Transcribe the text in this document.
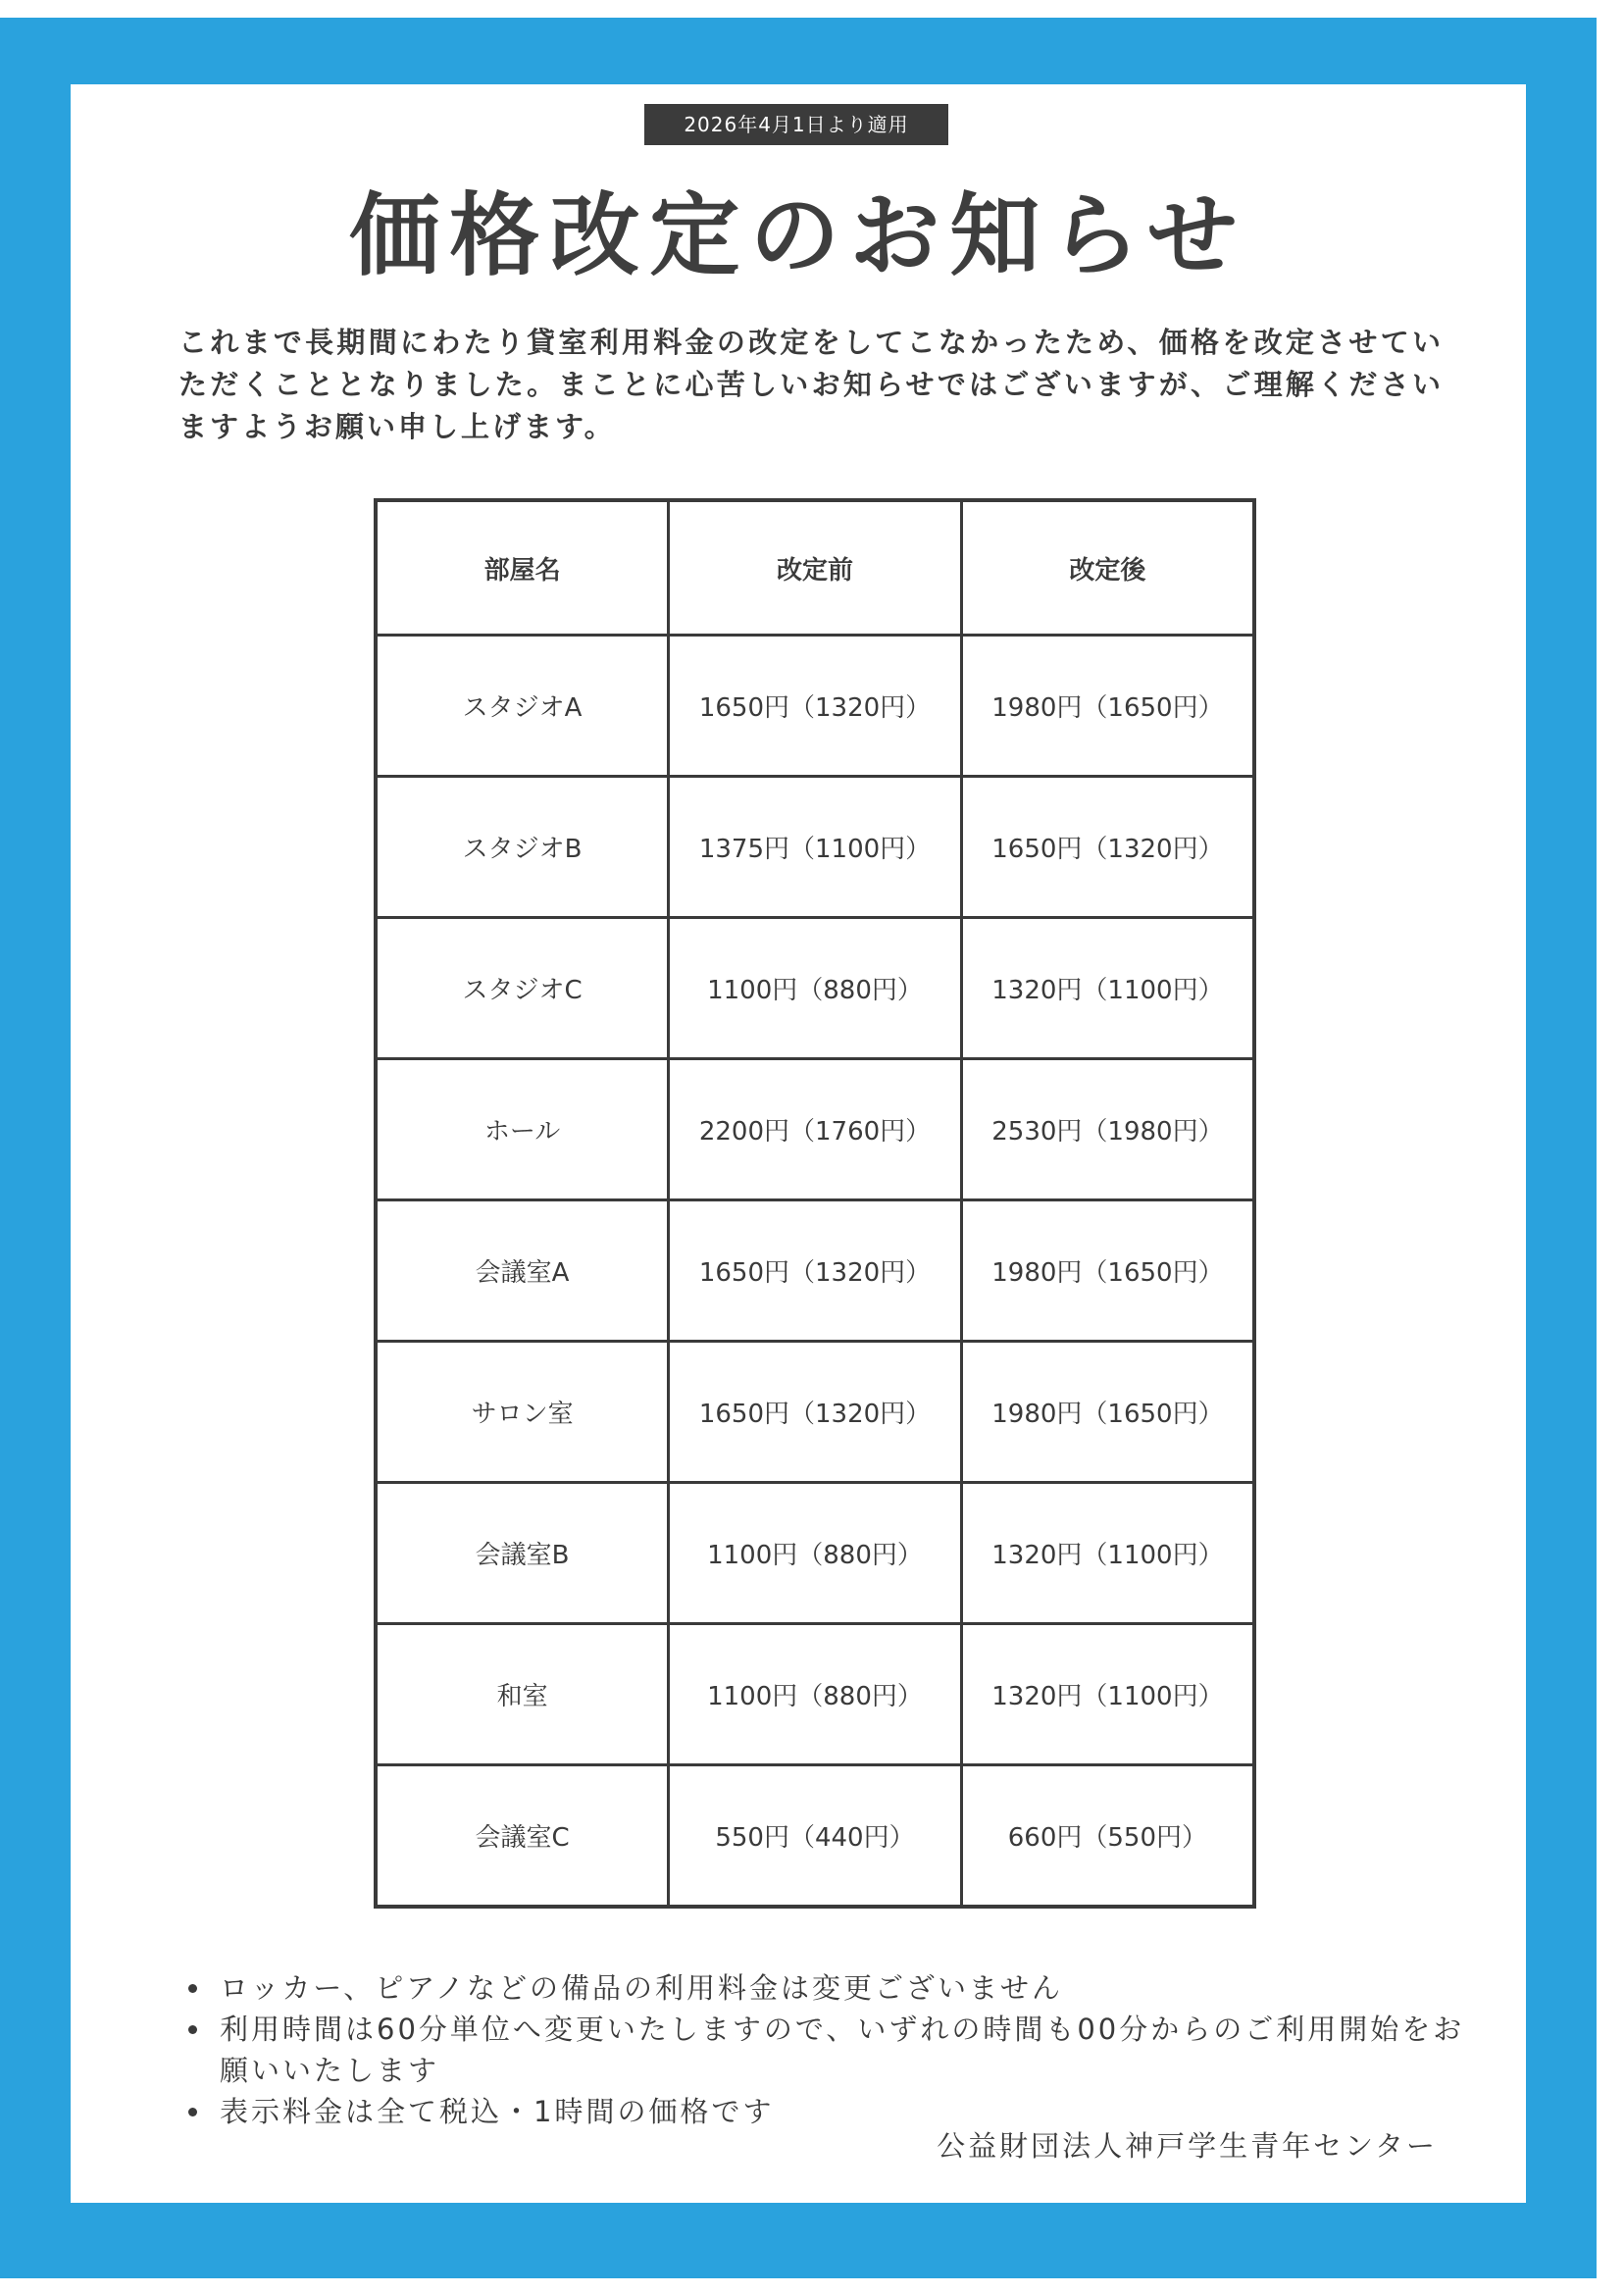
2026年4月1日より適用
価格改定のお知らせ
これまで長期間にわたり貸室利用料金の改定をしてこなかったため、価格を改定させていただくこととなりました。まことに心苦しいお知らせではございますが、ご理解くださいますようお願い申し上げます。
部屋名	改定前	改定後
スタジオA	1650円（1320円）	1980円（1650円）
スタジオB	1375円（1100円）	1650円（1320円）
スタジオC	1100円（880円）	1320円（1100円）
ホール	2200円（1760円）	2530円（1980円）
会議室A	1650円（1320円）	1980円（1650円）
サロン室	1650円（1320円）	1980円（1650円）
会議室B	1100円（880円）	1320円（1100円）
和室	1100円（880円）	1320円（1100円）
会議室C	550円（440円）	660円（550円）
ロッカー、ピアノなどの備品の利用料金は変更ございません
利用時間は60分単位へ変更いたしますので、いずれの時間も00分からのご利用開始をお願いいたします
表示料金は全て税込・1時間の価格です
公益財団法人神戸学生青年センター
